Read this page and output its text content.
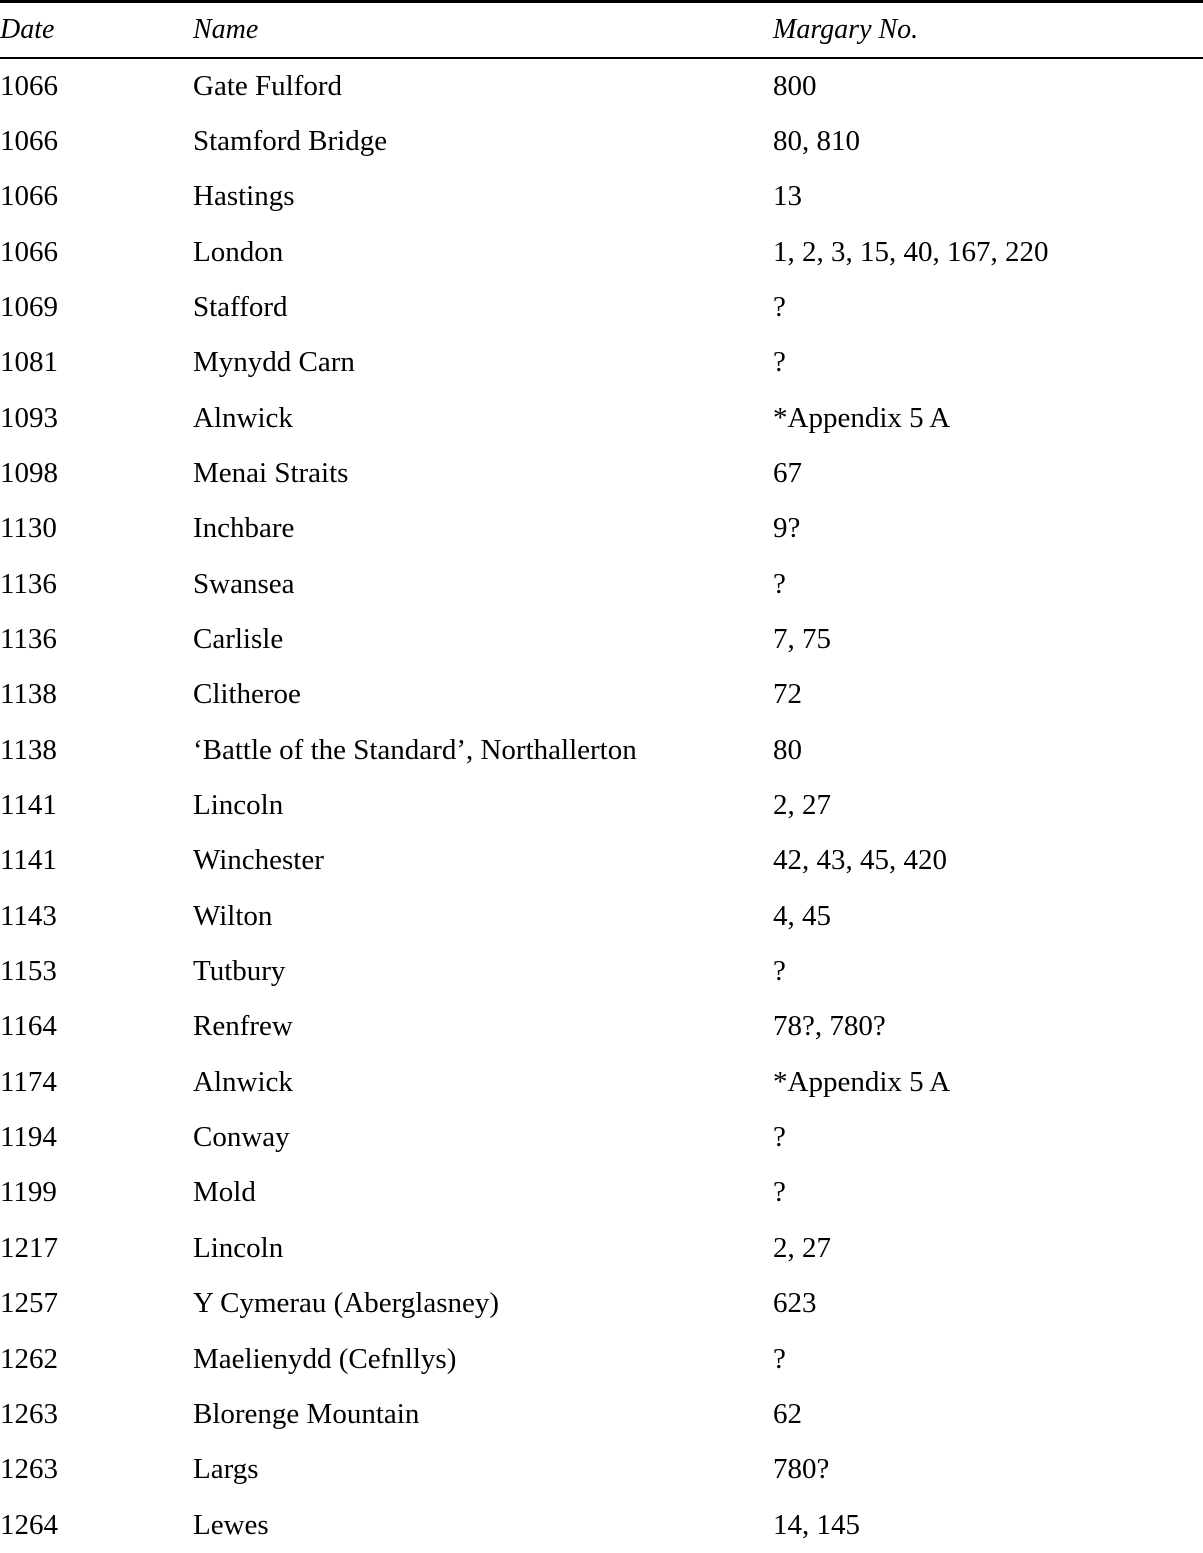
Date	Name	Margary No.
1066	Gate Fulford	800
1066	Stamford Bridge	80, 810
1066	Hastings	13
1066	London	1, 2, 3, 15, 40, 167, 220
1069	Stafford	?
1081	Mynydd Carn	?
1093	Alnwick	*Appendix 5 A
1098	Menai Straits	67
1130	Inchbare	9?
1136	Swansea	?
1136	Carlisle	7, 75
1138	Clitheroe	72
1138	‘Battle of the Standard’, Northallerton	80
1141	Lincoln	2, 27
1141	Winchester	42, 43, 45, 420
1143	Wilton	4, 45
1153	Tutbury	?
1164	Renfrew	78?, 780?
1174	Alnwick	*Appendix 5 A
1194	Conway	?
1199	Mold	?
1217	Lincoln	2, 27
1257	Y Cymerau (Aberglasney)	623
1262	Maelienydd (Cefnllys)	?
1263	Blorenge Mountain	62
1263	Largs	780?
1264	Lewes	14, 145
